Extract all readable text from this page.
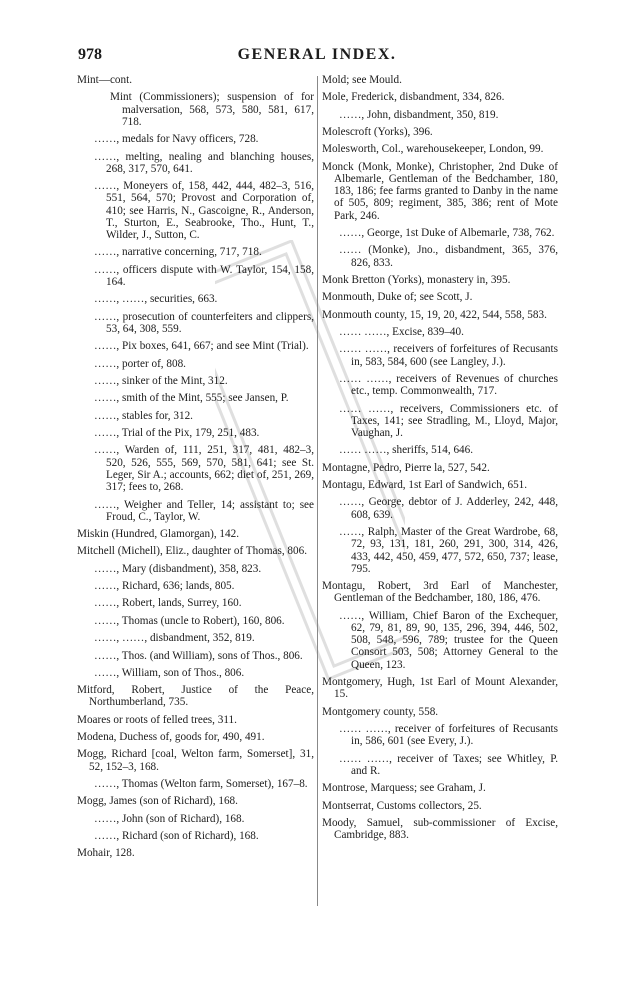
978	GENERAL INDEX.

Mint—cont.

Mint (Commissioners); suspension of for malversation, 568, 573, 580, 581, 617, 718.

……, medals for Navy officers, 728.

……, melting, nealing and blanching houses, 268, 317, 570, 641.

……, Moneyers of, 158, 442, 444, 482–3, 516, 551, 564, 570; Provost and Corporation of, 410; see Harris, N., Gascoigne, R., Anderson, T., Sturton, E., Seabrooke, Tho., Hunt, T., Wilder, J., Sutton, C.

……, narrative concerning, 717, 718.

……, officers dispute with W. Taylor, 154, 158, 164.

……, ……, securities, 663.

……, prosecution of counterfeiters and clippers, 53, 64, 308, 559.

……, Pix boxes, 641, 667; and see Mint (Trial).

……, porter of, 808.

……, sinker of the Mint, 312.

……, smith of the Mint, 555; see Jansen, P.

……, stables for, 312.

……, Trial of the Pix, 179, 251, 483.

……, Warden of, 111, 251, 317, 481, 482–3, 520, 526, 555, 569, 570, 581, 641; see St. Leger, Sir A.; accounts, 662; diet of, 251, 269, 317; fees to, 268.

……, Weigher and Teller, 14; assistant to; see Froud, C., Taylor, W.

Miskin (Hundred, Glamorgan), 142.

Mitchell (Michell), Eliz., daughter of Thomas, 806.

……, Mary (disbandment), 358, 823.

……, Richard, 636; lands, 805.

……, Robert, lands, Surrey, 160.

……, Thomas (uncle to Robert), 160, 806.

……, ……, disbandment, 352, 819.

……, Thos. (and William), sons of Thos., 806.

……, William, son of Thos., 806.

Mitford, Robert, Justice of the Peace, Northumberland, 735.

Moares or roots of felled trees, 311.

Modena, Duchess of, goods for, 490, 491.

Mogg, Richard [coal, Welton farm, Somerset], 31, 52, 152–3, 168.

……, Thomas (Welton farm, Somerset), 167–8.

Mogg, James (son of Richard), 168.

……, John (son of Richard), 168.

……, Richard (son of Richard), 168.

Mohair, 128.

Mold; see Mould.

Mole, Frederick, disbandment, 334, 826.

……, John, disbandment, 350, 819.

Molescroft (Yorks), 396.

Molesworth, Col., warehousekeeper, London, 99.

Monck (Monk, Monke), Christopher, 2nd Duke of Albemarle, Gentleman of the Bedchamber, 180, 183, 186; fee farms granted to Danby in the name of 505, 809; regiment, 385, 386; rent of Mote Park, 246.

……, George, 1st Duke of Albemarle, 738, 762.

…… (Monke), Jno., disbandment, 365, 376, 826, 833.

Monk Bretton (Yorks), monastery in, 395.

Monmouth, Duke of; see Scott, J.

Monmouth county, 15, 19, 20, 422, 544, 558, 583.

…… ……, Excise, 839–40.

…… ……, receivers of forfeitures of Recusants in, 583, 584, 600 (see Langley, J.).

…… ……, receivers of Revenues of churches etc., temp. Commonwealth, 717.

…… ……, receivers, Commissioners etc. of Taxes, 141; see Stradling, M., Lloyd, Major, Vaughan, J.

…… ……, sheriffs, 514, 646.

Montagne, Pedro, Pierre la, 527, 542.

Montagu, Edward, 1st Earl of Sandwich, 651.

……, George, debtor of J. Adderley, 242, 448, 608, 639.

……, Ralph, Master of the Great Wardrobe, 68, 72, 93, 131, 181, 260, 291, 300, 314, 426, 433, 442, 450, 459, 477, 572, 650, 737; lease, 795.

Montagu, Robert, 3rd Earl of Manchester, Gentleman of the Bedchamber, 180, 186, 476.

……, William, Chief Baron of the Exchequer, 62, 79, 81, 89, 90, 135, 296, 394, 446, 502, 508, 548, 596, 789; trustee for the Queen Consort 503, 508; Attorney General to the Queen, 123.

Montgomery, Hugh, 1st Earl of Mount Alexander, 15.

Montgomery county, 558.

…… ……, receiver of forfeitures of Recusants in, 586, 601 (see Every, J.).

…… ……, receiver of Taxes; see Whitley, P. and R.

Montrose, Marquess; see Graham, J.

Montserrat, Customs collectors, 25.

Moody, Samuel, sub-commissioner of Excise, Cambridge, 883.
